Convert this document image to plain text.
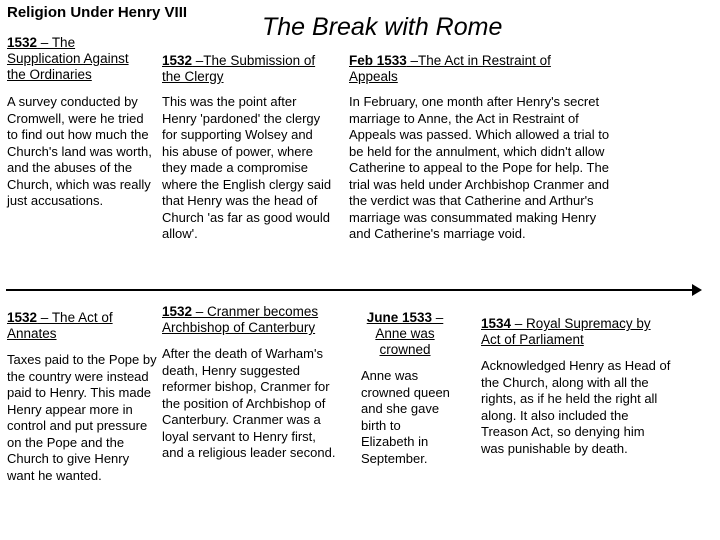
Religion Under Henry VIII
The Break with Rome
1532 – The Supplication Against the Ordinaries
A survey conducted by Cromwell, were he tried to find out how much the Church's land was worth, and the abuses of the Church, which was really just accusations.
1532 –The Submission of the Clergy
This was the point after Henry 'pardoned' the clergy for supporting Wolsey and his abuse of power, where they made a compromise where the English clergy said that Henry was the head of Church 'as far as good would allow'.
Feb 1533 –The Act in Restraint of Appeals
In February, one month after Henry's secret marriage to Anne, the Act in Restraint of Appeals was passed. Which allowed a trial to be held for the annulment, which didn't allow Catherine to appeal to the Pope for help. The trial was held under Archbishop Cranmer and the verdict was that Catherine and Arthur's marriage was consummated making Henry and Catherine's marriage void.
1532 – The Act of Annates
Taxes paid to the Pope by the country were instead paid to Henry. This made Henry appear more in control and put pressure on the Pope and the Church to give Henry want he wanted.
1532 – Cranmer becomes Archbishop of Canterbury
After the death of Warham's death, Henry suggested reformer bishop, Cranmer for the position of Archbishop of Canterbury. Cranmer was a loyal servant to Henry first, and a religious leader second.
June 1533 – Anne was crowned
Anne was crowned queen and she gave birth to Elizabeth in September.
1534 – Royal Supremacy by Act of Parliament
Acknowledged Henry as Head of the Church, along with all the rights, as if he held the right all along. It also included the Treason Act, so denying him was punishable by death.
